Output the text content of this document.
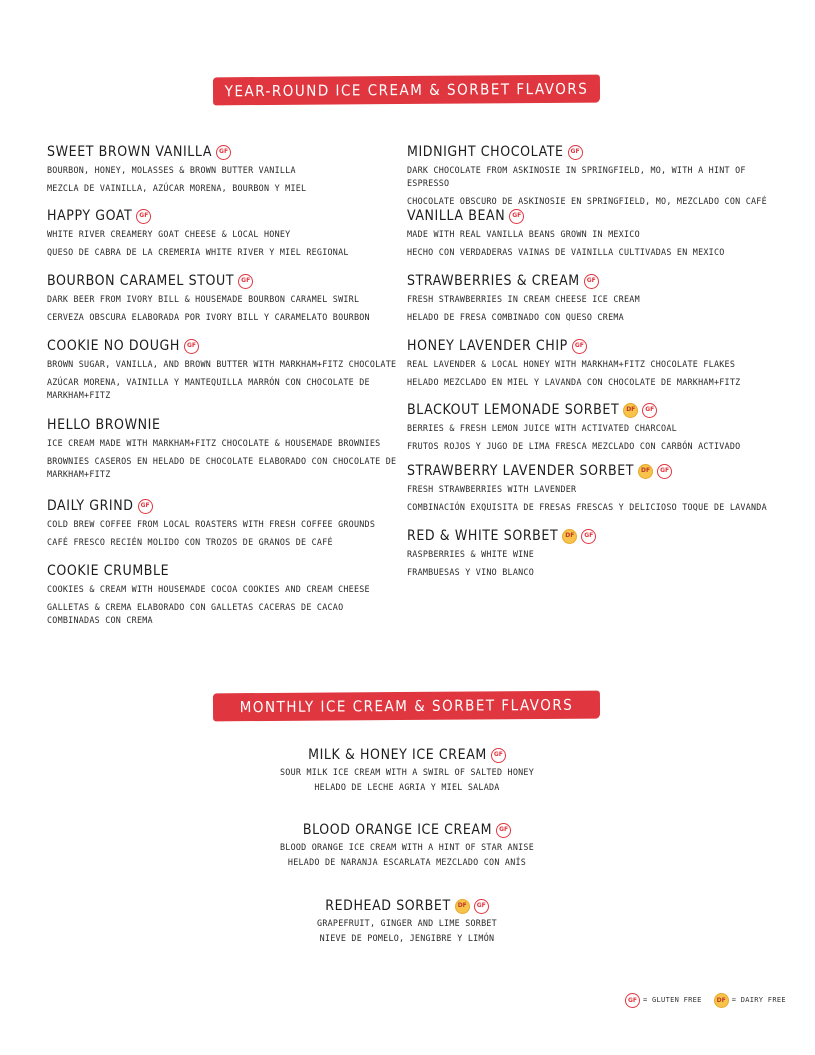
YEAR-ROUND ICE CREAM & SORBET FLAVORS
SWEET BROWN VANILLA GF
BOURBON, HONEY, MOLASSES & BROWN BUTTER VANILLA
MEZCLA DE VAINILLA, AZÚCAR MORENA, BOURBON Y MIEL
HAPPY GOAT GF
WHITE RIVER CREAMERY GOAT CHEESE & LOCAL HONEY
QUESO DE CABRA DE LA CREMERIA WHITE RIVER Y MIEL REGIONAL
BOURBON CARAMEL STOUT GF
DARK BEER FROM IVORY BILL & HOUSEMADE BOURBON CARAMEL SWIRL
CERVEZA OBSCURA ELABORADA POR IVORY BILL Y CARAMELATO BOURBON
COOKIE NO DOUGH GF
BROWN SUGAR, VANILLA, AND BROWN BUTTER WITH MARKHAM+FITZ CHOCOLATE
AZÚCAR MORENA, VAINILLA Y MANTEQUILLA MARRÓN CON CHOCOLATE DE MARKHAM+FITZ
HELLO BROWNIE
ICE CREAM MADE WITH MARKHAM+FITZ CHOCOLATE & HOUSEMADE BROWNIES
BROWNIES CASEROS EN HELADO DE CHOCOLATE ELABORADO CON CHOCOLATE DE MARKHAM+FITZ
DAILY GRIND GF
COLD BREW COFFEE FROM LOCAL ROASTERS WITH FRESH COFFEE GROUNDS
CAFÉ FRESCO RECIÉN MOLIDO CON TROZOS DE GRANOS DE CAFÉ
COOKIE CRUMBLE
COOKIES & CREAM WITH HOUSEMADE COCOA COOKIES AND CREAM CHEESE
GALLETAS & CREMA ELABORADO CON GALLETAS CACERAS DE CACAO COMBINADAS CON CREMA
MIDNIGHT CHOCOLATE GF
DARK CHOCOLATE FROM ASKINOSIE IN SPRINGFIELD, MO, WITH A HINT OF ESPRESSO
CHOCOLATE OBSCURO DE ASKINOSIE EN SPRINGFIELD, MO, MEZCLADO CON CAFÉ
VANILLA BEAN GF
MADE WITH REAL VANILLA BEANS GROWN IN MEXICO
HECHO CON VERDADERAS VAINAS DE VAINILLA CULTIVADAS EN MEXICO
STRAWBERRIES & CREAM GF
FRESH STRAWBERRIES IN CREAM CHEESE ICE CREAM
HELADO DE FRESA COMBINADO CON QUESO CREMA
HONEY LAVENDER CHIP GF
REAL LAVENDER & LOCAL HONEY WITH MARKHAM+FITZ CHOCOLATE FLAKES
HELADO MEZCLADO EN MIEL Y LAVANDA CON CHOCOLATE DE MARKHAM+FITZ
BLACKOUT LEMONADE SORBET DF GF
BERRIES & FRESH LEMON JUICE WITH ACTIVATED CHARCOAL
FRUTOS ROJOS Y JUGO DE LIMA FRESCA MEZCLADO CON CARBÓN ACTIVADO
STRAWBERRY LAVENDER SORBET DF GF
FRESH STRAWBERRIES WITH LAVENDER
COMBINACIÓN EXQUISITA DE FRESAS FRESCAS Y DELICIOSO TOQUE DE LAVANDA
RED & WHITE SORBET DF GF
RASPBERRIES & WHITE WINE
FRAMBUESAS Y VINO BLANCO
MONTHLY ICE CREAM & SORBET FLAVORS
MILK & HONEY ICE CREAM GF
SOUR MILK ICE CREAM WITH A SWIRL OF SALTED HONEY
HELADO DE LECHE AGRIA Y MIEL SALADA
BLOOD ORANGE ICE CREAM GF
BLOOD ORANGE ICE CREAM WITH A HINT OF STAR ANISE
HELADO DE NARANJA ESCARLATA MEZCLADO CON ANÍS
REDHEAD SORBET DF GF
GRAPEFRUIT, GINGER AND LIME SORBET
NIEVE DE POMELO, JENGIBRE Y LIMÓN
GF = GLUTEN FREE DF = DAIRY FREE
